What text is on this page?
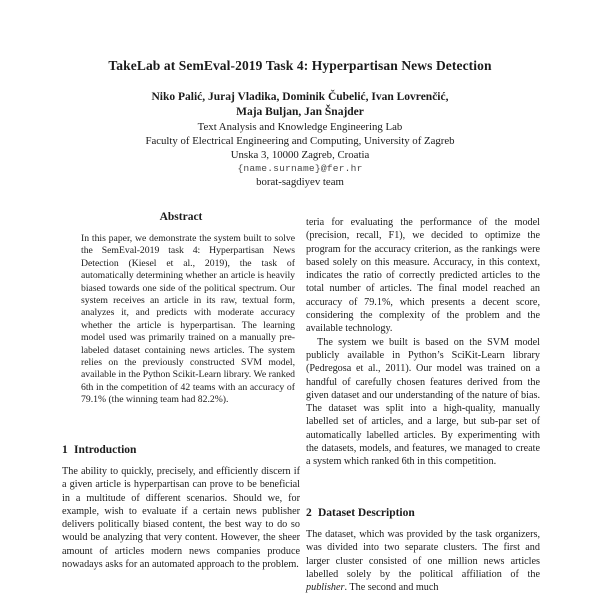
TakeLab at SemEval-2019 Task 4: Hyperpartisan News Detection
Niko Palić, Juraj Vladika, Dominik Čubelić, Ivan Lovrenčić,
Maja Buljan, Jan Šnajder
Text Analysis and Knowledge Engineering Lab
Faculty of Electrical Engineering and Computing, University of Zagreb
Unska 3, 10000 Zagreb, Croatia
{name.surname}@fer.hr
borat-sagdiyev team
Abstract
In this paper, we demonstrate the system built to solve the SemEval-2019 task 4: Hyperpartisan News Detection (Kiesel et al., 2019), the task of automatically determining whether an article is heavily biased towards one side of the political spectrum. Our system receives an article in its raw, textual form, analyzes it, and predicts with moderate accuracy whether the article is hyperpartisan. The learning model used was primarily trained on a manually pre-labeled dataset containing news articles. The system relies on the previously constructed SVM model, available in the Python Scikit-Learn library. We ranked 6th in the competition of 42 teams with an accuracy of 79.1% (the winning team had 82.2%).
1 Introduction

The ability to quickly, precisely, and efficiently discern if a given article is hyperpartisan can prove to be beneficial in a multitude of different scenarios. Should we, for example, wish to evaluate if a certain news publisher delivers politically biased content, the best way to do so would be analyzing that very content. However, the sheer amount of articles modern news companies produce nowadays asks for an automated approach to the problem.

teria for evaluating the performance of the model (precision, recall, F1), we decided to optimize the program for the accuracy criterion, as the rankings were based solely on this measure. Accuracy, in this context, indicates the ratio of correctly predicted articles to the total number of articles. The final model reached an accuracy of 79.1%, which presents a decent score, considering the complexity of the problem and the available technology.

The system we built is based on the SVM model publicly available in Python’s SciKit-Learn library (Pedregosa et al., 2011). Our model was trained on a handful of carefully chosen features derived from the given dataset and our understanding of the nature of bias. The dataset was split into a high-quality, manually labelled set of articles, and a large, but sub-par set of automatically labelled articles. By experimenting with the datasets, models, and features, we managed to create a system which ranked 6th in this competition.

2 Dataset Description

The dataset, which was provided by the task organizers, was divided into two separate clusters. The first and larger cluster consisted of one million news articles labelled solely by the political affiliation of the publisher. The second and much
